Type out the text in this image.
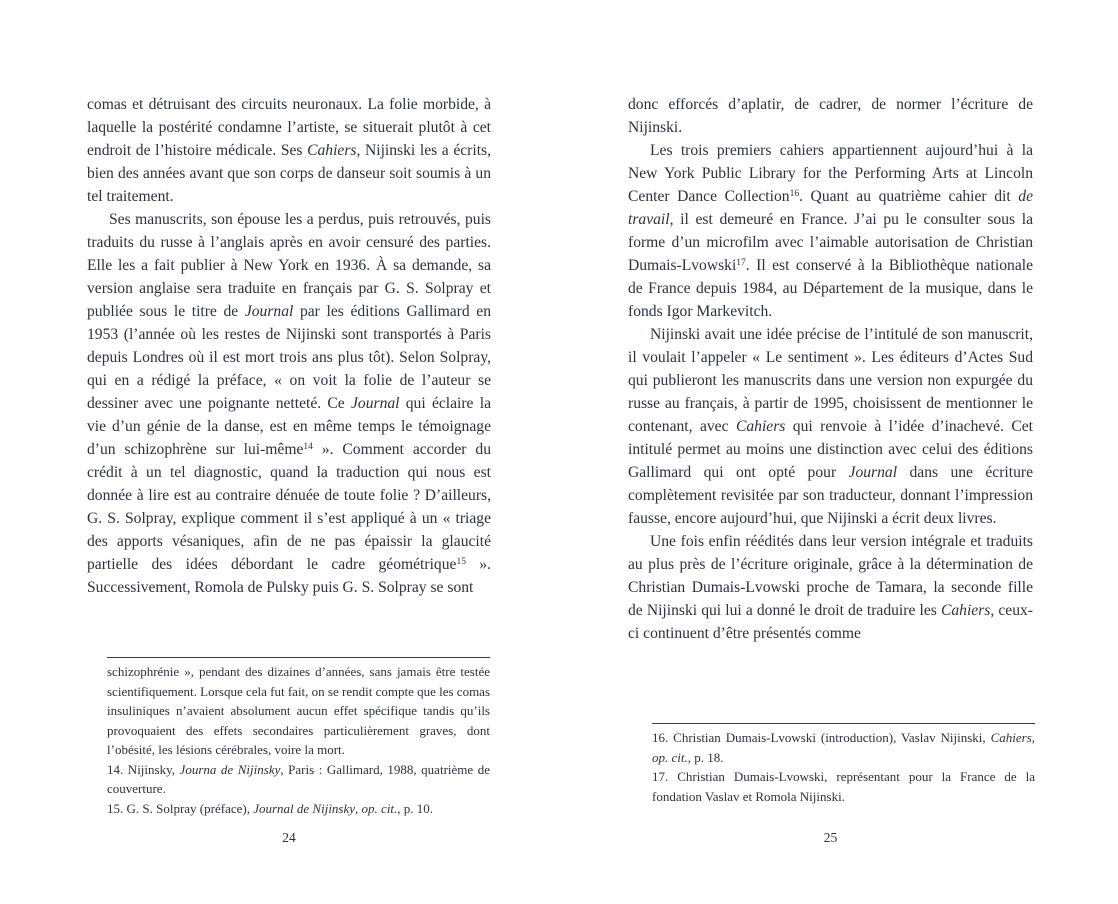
comas et détruisant des circuits neuronaux. La folie morbide, à laquelle la postérité condamne l’artiste, se situerait plutôt à cet endroit de l’histoire médicale. Ses Cahiers, Nijinski les a écrits, bien des années avant que son corps de danseur soit soumis à un tel traitement.

Ses manuscrits, son épouse les a perdus, puis retrouvés, puis traduits du russe à l’anglais après en avoir censuré des parties. Elle les a fait publier à New York en 1936. À sa demande, sa version anglaise sera traduite en français par G. S. Solpray et publiée sous le titre de Journal par les éditions Gallimard en 1953 (l’année où les restes de Nijinski sont transportés à Paris depuis Londres où il est mort trois ans plus tôt). Selon Solpray, qui en a rédigé la préface, « on voit la folie de l’auteur se dessiner avec une poignante netteté. Ce Journal qui éclaire la vie d’un génie de la danse, est en même temps le témoignage d’un schizophrène sur lui-même$^{14}$ ». Comment accorder du crédit à un tel diagnostic, quand la traduction qui nous est donnée à lire est au contraire dénuée de toute folie ? D’ailleurs, G. S. Solpray, explique comment il s’est appliqué à un « triage des apports vésaniques, afin de ne pas épaissir la glaucité partielle des idées débordant le cadre géométrique$^{15}$ ». Successivement, Romola de Pulsky puis G. S. Solpray se sont

schizophrénie », pendant des dizaines d’années, sans jamais être testée scientifiquement. Lorsque cela fut fait, on se rendit compte que les comas insuliniques n’avaient absolument aucun effet spécifique tandis qu’ils provoquaient des effets secondaires particulièrement graves, dont l’obésité, les lésions cérébrales, voire la mort.

14. Nijinsky, Journa de Nijinsky, Paris : Gallimard, 1988, quatrième de couverture.

15. G. S. Solpray (préface), Journal de Nijinsky, op. cit., p. 10.

24

donc efforcés d’aplatir, de cadrer, de normer l’écriture de Nijinski.

Les trois premiers cahiers appartiennent aujourd’hui à la New York Public Library for the Performing Arts at Lincoln Center Dance Collection$^{16}$. Quant au quatrième cahier dit de travail, il est demeuré en France. J’ai pu le consulter sous la forme d’un microfilm avec l’aimable autorisation de Christian Dumais-Lvowski$^{17}$. Il est conservé à la Bibliothèque nationale de France depuis 1984, au Département de la musique, dans le fonds Igor Markevitch.

Nijinski avait une idée précise de l’intitulé de son manuscrit, il voulait l’appeler « Le sentiment ». Les éditeurs d’Actes Sud qui publieront les manuscrits dans une version non expurgée du russe au français, à partir de 1995, choisissent de mentionner le contenant, avec Cahiers qui renvoie à l’idée d’inachevé. Cet intitulé permet au moins une distinction avec celui des éditions Gallimard qui ont opté pour Journal dans une écriture complètement revisitée par son traducteur, donnant l’impression fausse, encore aujourd’hui, que Nijinski a écrit deux livres.

Une fois enfin réédités dans leur version intégrale et traduits au plus près de l’écriture originale, grâce à la détermination de Christian Dumais-Lvowski proche de Tamara, la seconde fille de Nijinski qui lui a donné le droit de traduire les Cahiers, ceux-ci continuent d’être présentés comme

16. Christian Dumais-Lvowski (introduction), Vaslav Nijinski, Cahiers, op. cit., p. 18.

17. Christian Dumais-Lvowski, représentant pour la France de la fondation Vaslav et Romola Nijinski.

25
